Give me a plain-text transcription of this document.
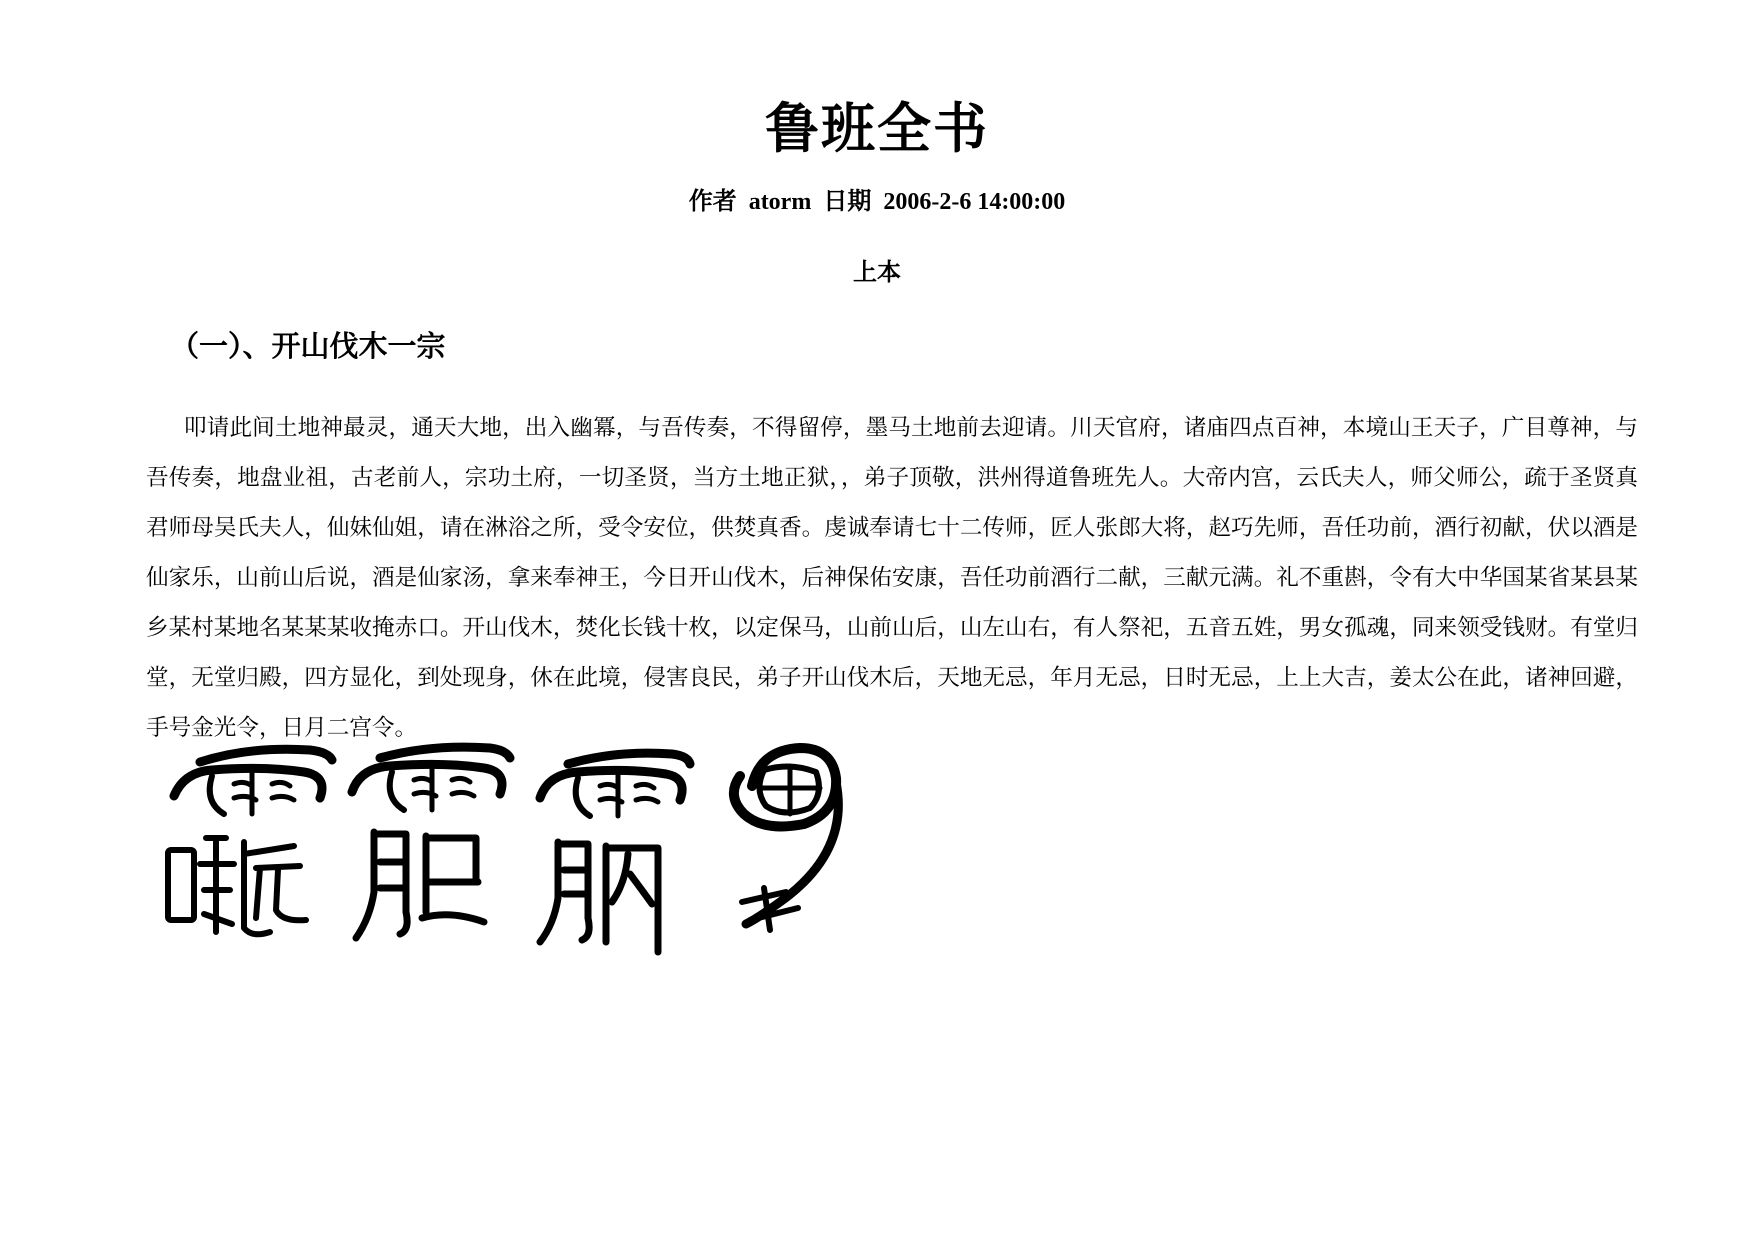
鲁班全书
作者 atorm 日期 2006-2-6 14:00:00
上本
（一）、开山伐木一宗

叩请此间土地神最灵，通天大地，出入幽冪，与吾传奏，不得留停，墨马土地前去迎请。川天官府，诸庙四点百神，本境山王天子，广目尊神，与吾传奏，地盘业祖，古老前人，宗功土府，一切圣贤，当方土地正狱，，弟子顶敬，洪州得道鲁班先人。大帝内宫，云氏夫人，师父师公，疏于圣贤真君师母吴氏夫人，仙妹仙姐，请在淋浴之所，受令安位，供焚真香。虔诚奉请七十二传师，匠人张郎大将，赵巧先师，吾任功前，酒行初献，伏以酒是仙家乐，山前山后说，酒是仙家汤，拿来奉神王，今日开山伐木，后神保佑安康，吾任功前酒行二献，三献元满。礼不重斟，令有大中华国某省某县某乡某村某地名某某某收掩赤口。开山伐木，焚化长钱十枚，以定保马，山前山后，山左山右，有人祭祀，五音五姓，男女孤魂，同来领受钱财。有堂归堂，无堂归殿，四方显化，到处现身，休在此境，侵害良民，弟子开山伐木后，天地无忌，年月无忌，日时无忌，上上大吉，姜太公在此，诸神回避，手号金光令，日月二宫令。
